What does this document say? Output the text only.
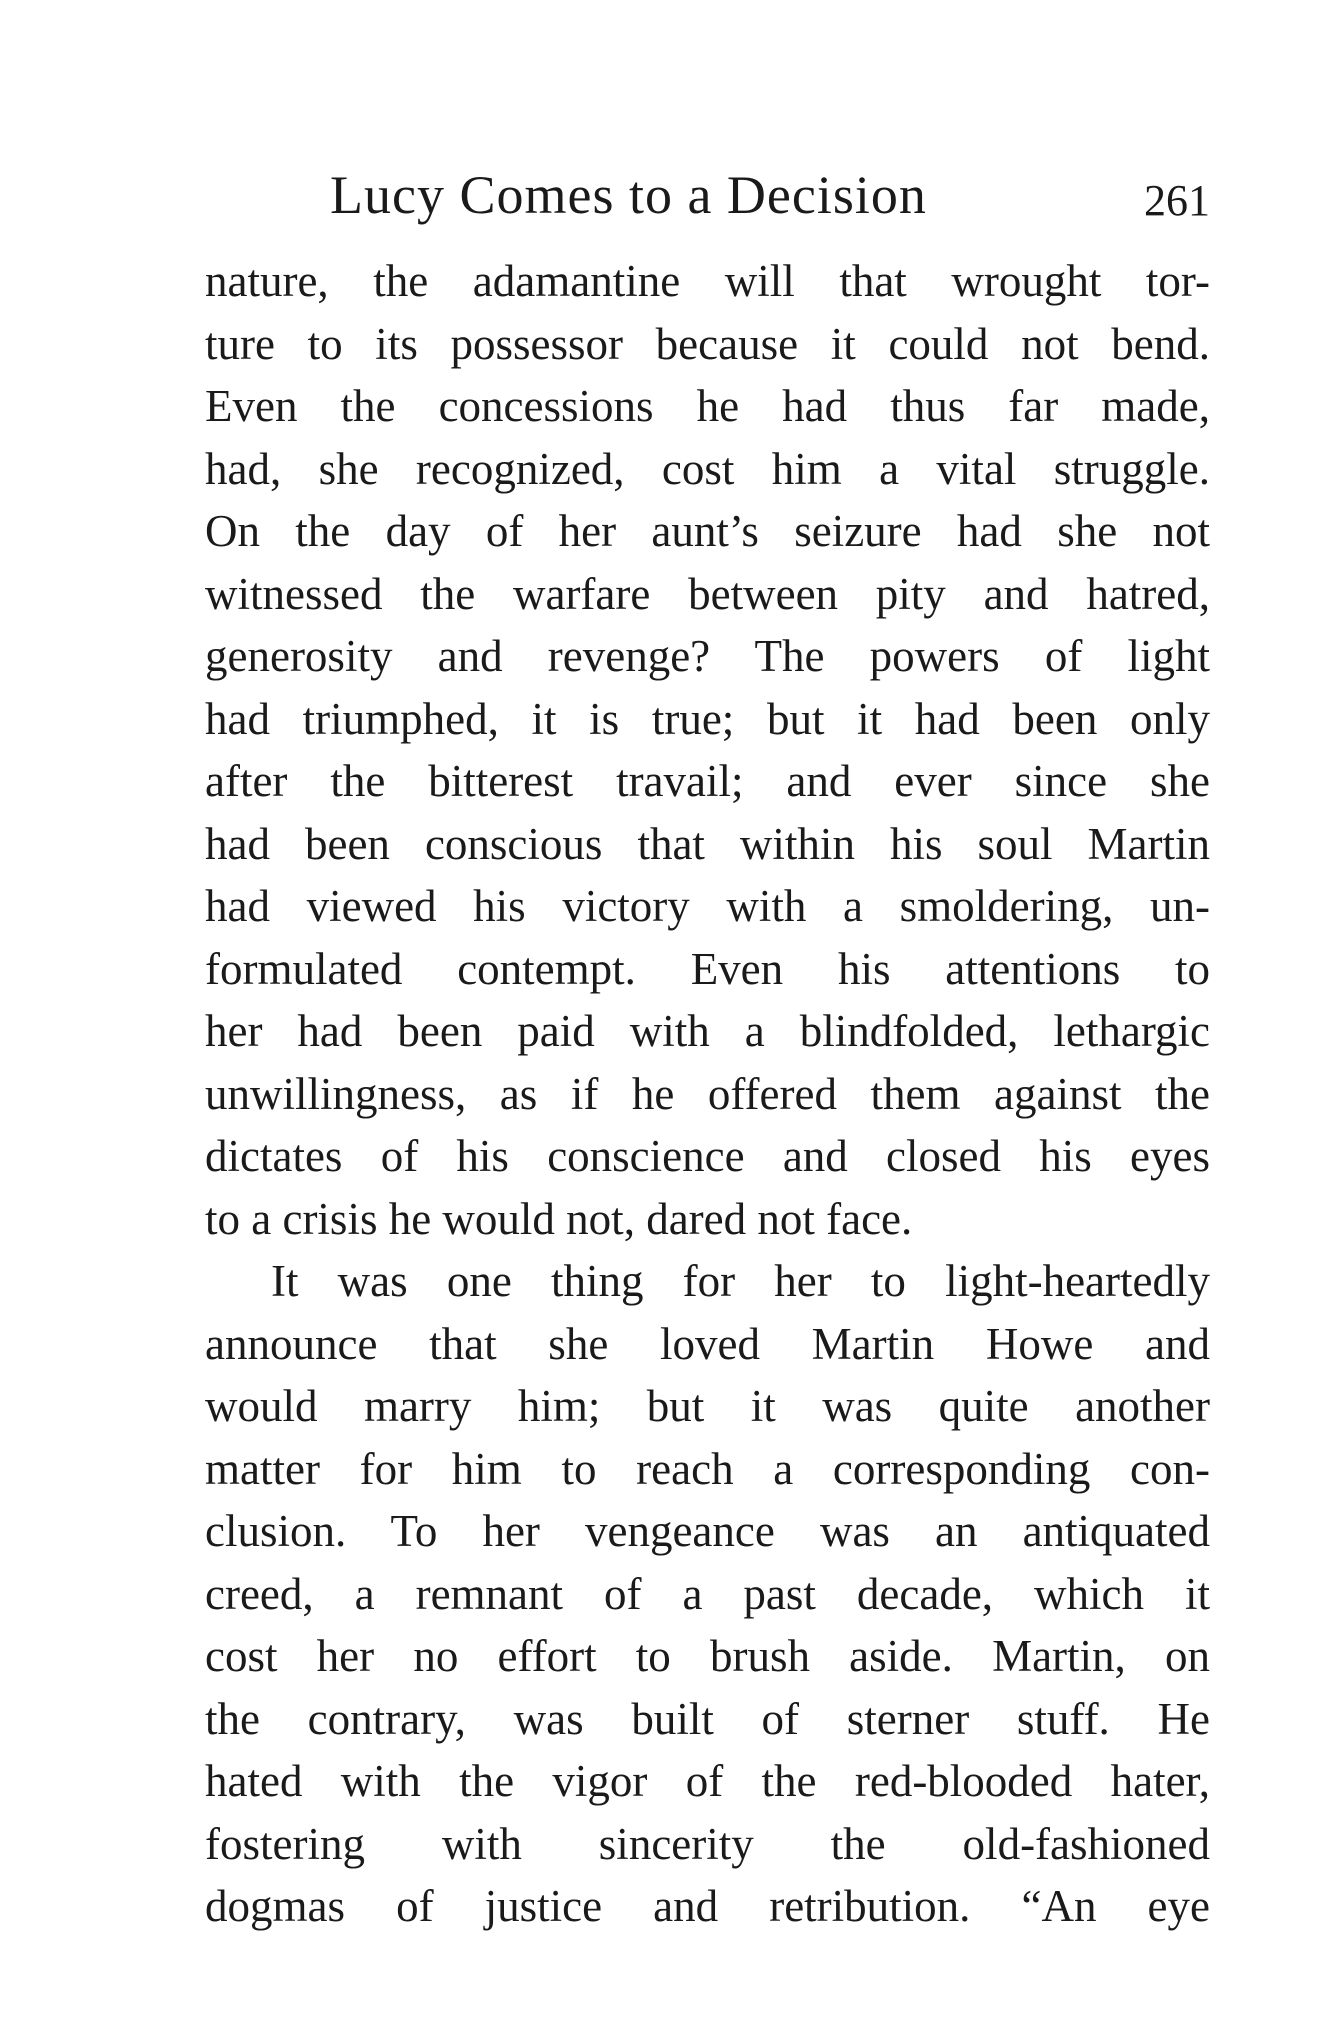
Lucy Comes to a Decision	261
nature, the adamantine will that wrought tor-
ture to its possessor because it could not bend.
Even the concessions he had thus far made,
had, she recognized, cost him a vital struggle.
On the day of her aunt’s seizure had she not
witnessed the warfare between pity and hatred,
generosity and revenge? The powers of light
had triumphed, it is true; but it had been only
after the bitterest travail; and ever since she
had been conscious that within his soul Martin
had viewed his victory with a smoldering, un-
formulated contempt. Even his attentions to
her had been paid with a blindfolded, lethargic
unwillingness, as if he offered them against the
dictates of his conscience and closed his eyes
to a crisis he would not, dared not face.
It was one thing for her to light-heartedly
announce that she loved Martin Howe and
would marry him; but it was quite another
matter for him to reach a corresponding con-
clusion. To her vengeance was an antiquated
creed, a remnant of a past decade, which it
cost her no effort to brush aside. Martin, on
the contrary, was built of sterner stuff. He
hated with the vigor of the red-blooded hater,
fostering with sincerity the old-fashioned
dogmas of justice and retribution. “An eye
